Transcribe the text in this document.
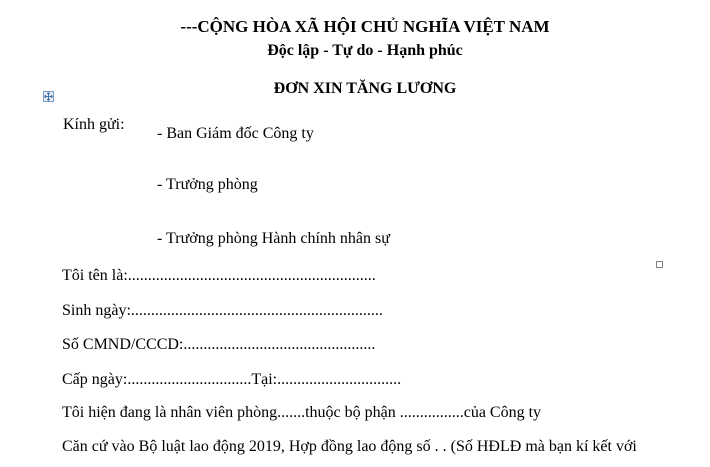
---CỘNG HÒA XÃ HỘI CHỦ NGHĨA VIỆT NAM
Độc lập - Tự do - Hạnh phúc
ĐƠN XIN TĂNG LƯƠNG
Kính gửi:
- Ban Giám đốc Công ty
- Trưởng phòng
- Trưởng phòng Hành chính nhân sự
Tôi tên là:..............................................................
Sinh ngày:...............................................................
Số CMND/CCCD:................................................
Cấp ngày:...............................Tại:...............................
Tôi hiện đang là nhân viên phòng.......thuộc bộ phận ................của Công ty
Căn cứ vào Bộ luật lao động 2019, Hợp đồng lao động số . . (Số HĐLĐ mà bạn kí kết với
